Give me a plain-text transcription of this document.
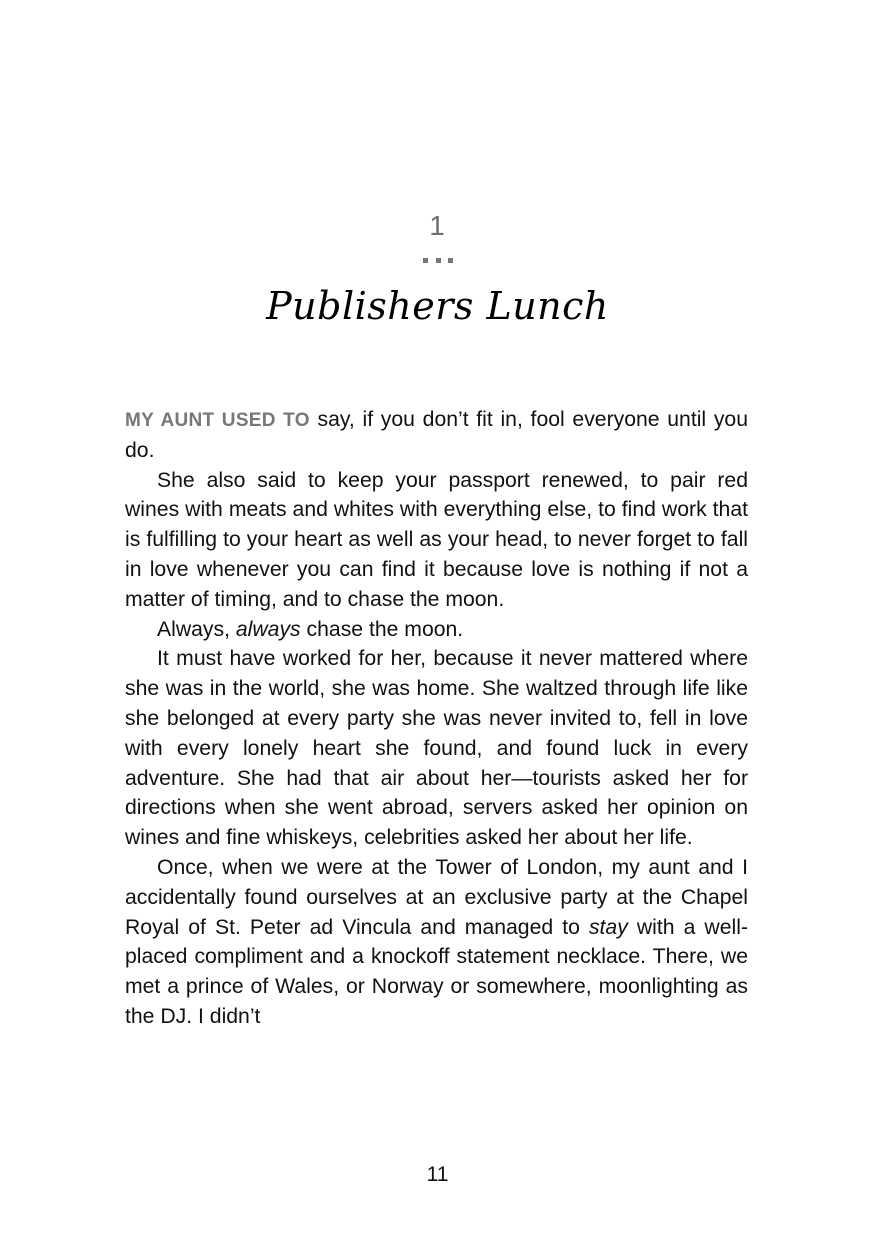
1
Publishers Lunch

MY AUNT USED TO say, if you don’t fit in, fool everyone until you do.

She also said to keep your passport renewed, to pair red wines with meats and whites with everything else, to find work that is fulfilling to your heart as well as your head, to never forget to fall in love whenever you can find it because love is nothing if not a matter of timing, and to chase the moon.

Always, always chase the moon.

It must have worked for her, because it never mattered where she was in the world, she was home. She waltzed through life like she belonged at every party she was never invited to, fell in love with every lonely heart she found, and found luck in every adventure. She had that air about her—tourists asked her for directions when she went abroad, servers asked her opinion on wines and fine whiskeys, celebrities asked her about her life.

Once, when we were at the Tower of London, my aunt and I accidentally found ourselves at an exclusive party at the Chapel Royal of St. Peter ad Vincula and managed to stay with a well-placed compliment and a knockoff statement necklace. There, we met a prince of Wales, or Norway or somewhere, moonlighting as the DJ. I didn’t

11
